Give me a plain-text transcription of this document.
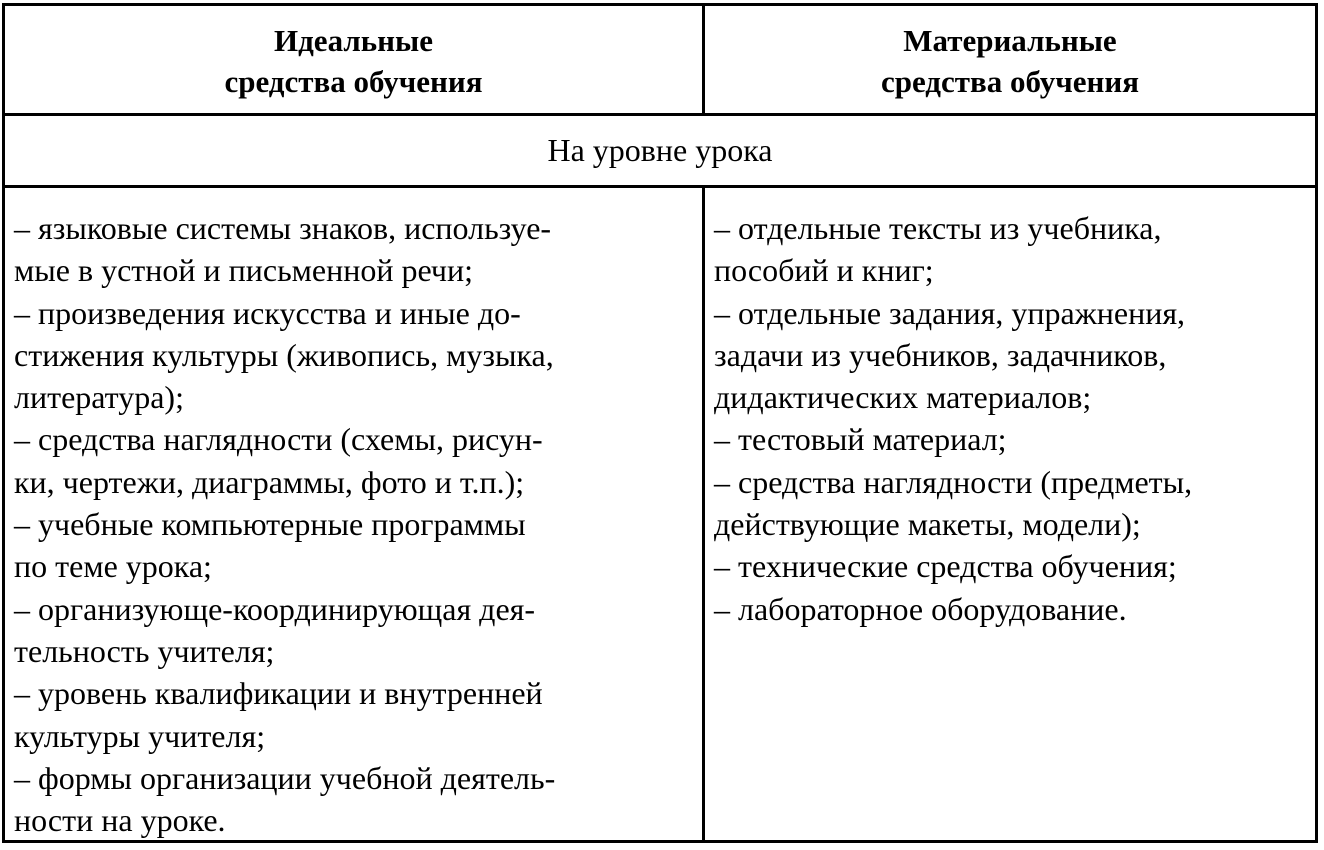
Идеальные
средства обучения
Материальные
средства обучения
На уровне урока
– языковые системы знаков, используе-
мые в устной и письменной речи;
– произведения искусства и иные до-
стижения культуры (живопись, музыка,
литература);
– средства наглядности (схемы, рисун-
ки, чертежи, диаграммы, фото и т.п.);
– учебные компьютерные программы
по теме урока;
– организующе-координирующая дея-
тельность учителя;
– уровень квалификации и внутренней
культуры учителя;
– формы организации учебной деятель-
ности на уроке.
– отдельные тексты из учебника,
пособий и книг;
– отдельные задания, упражнения,
задачи из учебников, задачников,
дидактических материалов;
– тестовый материал;
– средства наглядности (предметы,
действующие макеты, модели);
– технические средства обучения;
– лабораторное оборудование.
